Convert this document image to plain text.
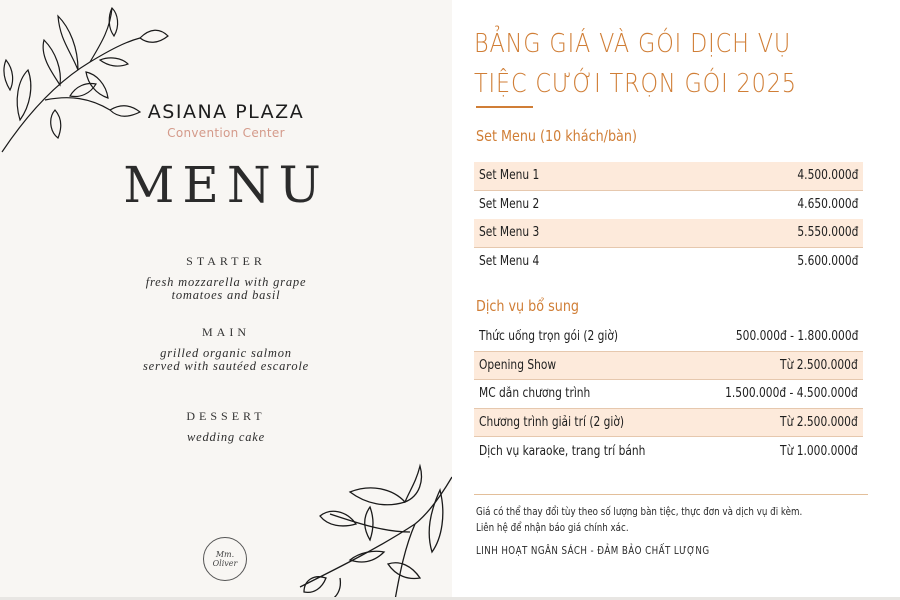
ASIANA PLAZA
Convention Center
MENU
STARTER
fresh mozzarella with grape
tomatoes and basil
MAIN
grilled organic salmon
served with sautéed escarole
DESSERT
wedding cake
Mm.
Oliver
BẢNG GIÁ VÀ GÓI DỊCH VỤ
TIỆC CƯỚI TRỌN GÓI 2025
Set Menu (10 khách/bàn)
Set Menu 1	4.500.000đ
Set Menu 2	4.650.000đ
Set Menu 3	5.550.000đ
Set Menu 4	5.600.000đ
Dịch vụ bổ sung
Thức uống trọn gói (2 giờ)	500.000đ - 1.800.000đ
Opening Show	Từ 2.500.000đ
MC dẫn chương trình	1.500.000đ - 4.500.000đ
Chương trình giải trí (2 giờ)	Từ 2.500.000đ
Dịch vụ karaoke, trang trí bánh	Từ 1.000.000đ
Giá có thể thay đổi tùy theo số lượng bàn tiệc, thực đơn và dịch vụ đi kèm.
Liên hệ để nhận báo giá chính xác.
LINH HOẠT NGÂN SÁCH - ĐẢM BẢO CHẤT LƯỢNG
